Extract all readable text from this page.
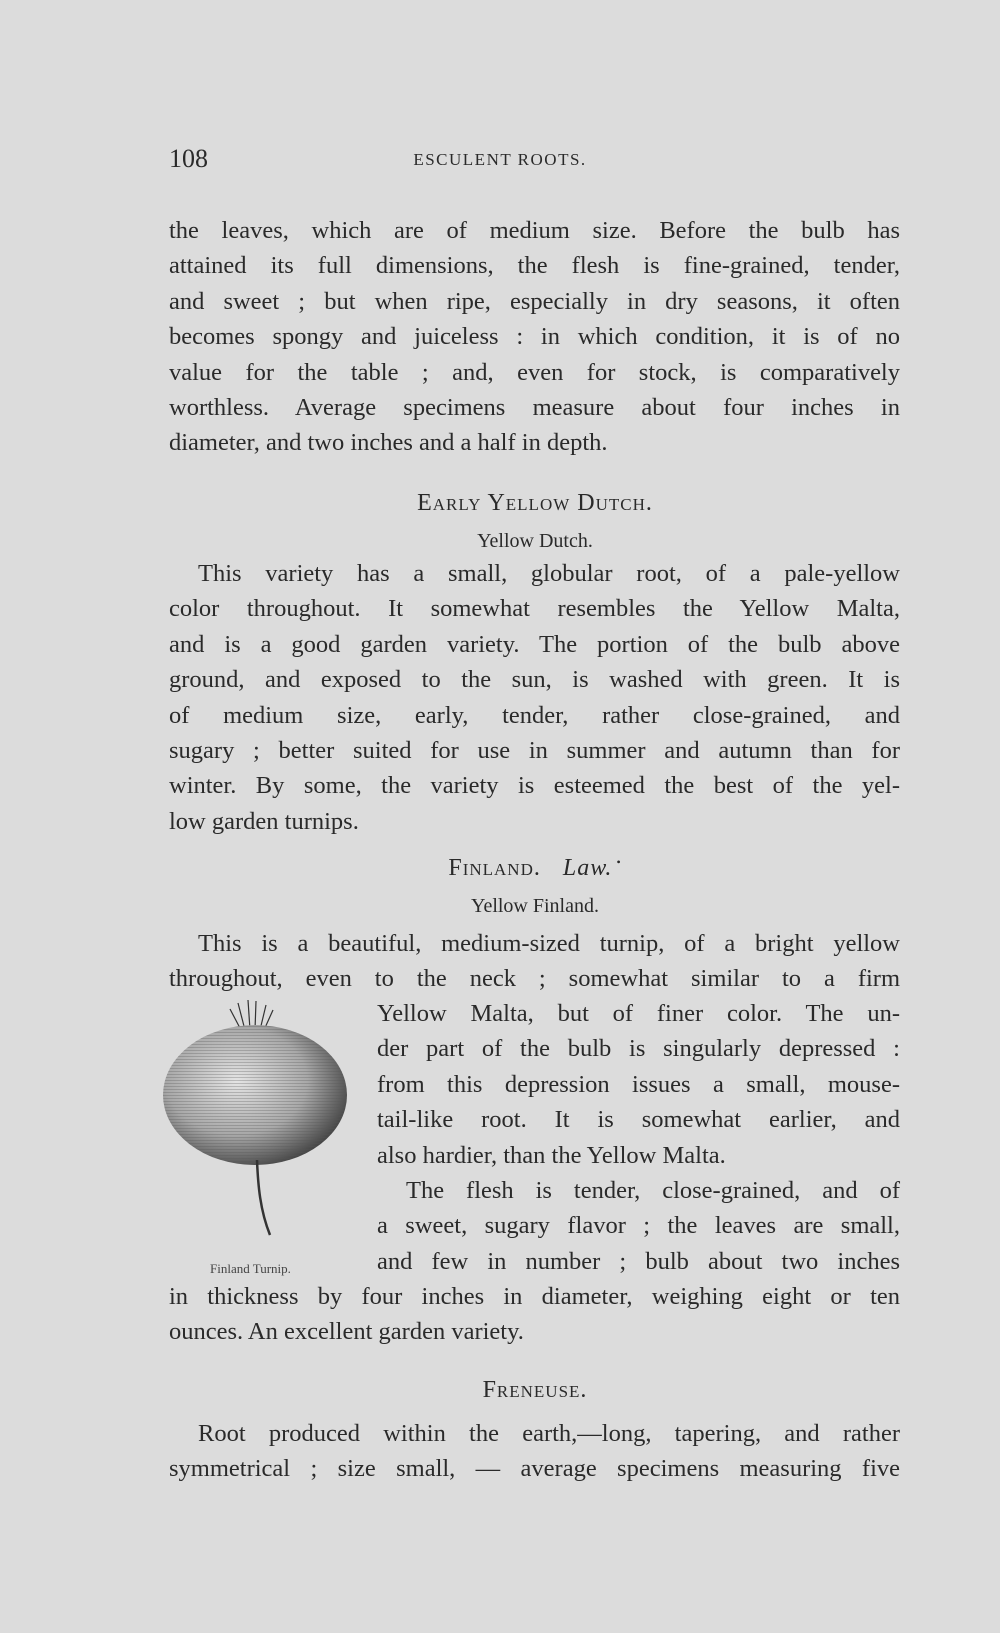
108	ESCULENT ROOTS.
the leaves, which are of medium size. Before the bulb has
attained its full dimensions, the flesh is fine-grained, tender,
and sweet ; but when ripe, especially in dry seasons, it often
becomes spongy and juiceless : in which condition, it is of no
value for the table ; and, even for stock, is comparatively
worthless. Average specimens measure about four inches in
diameter, and two inches and a half in depth.
Early Yellow Dutch.
Yellow Dutch.
This variety has a small, globular root, of a pale-yellow
color throughout. It somewhat resembles the Yellow Malta,
and is a good garden variety. The portion of the bulb above
ground, and exposed to the sun, is washed with green. It is
of medium size, early, tender, rather close-grained, and
sugary ; better suited for use in summer and autumn than for
winter. By some, the variety is esteemed the best of the yel-
low garden turnips.
Finland. Law. •
Yellow Finland.
This is a beautiful, medium-sized turnip, of a bright yellow
throughout, even to the neck ; somewhat similar to a firm
Yellow Malta, but of finer color. The un-
der part of the bulb is singularly depressed :
from this depression issues a small, mouse-
tail-like root. It is somewhat earlier, and
also hardier, than the Yellow Malta.
The flesh is tender, close-grained, and of
a sweet, sugary flavor ; the leaves are small,
and few in number ; bulb about two inches
in thickness by four inches in diameter, weighing eight or ten
ounces. An excellent garden variety.
Finland Turnip.
Freneuse.
Root produced within the earth,—long, tapering, and rather
symmetrical ; size small, — average specimens measuring five
